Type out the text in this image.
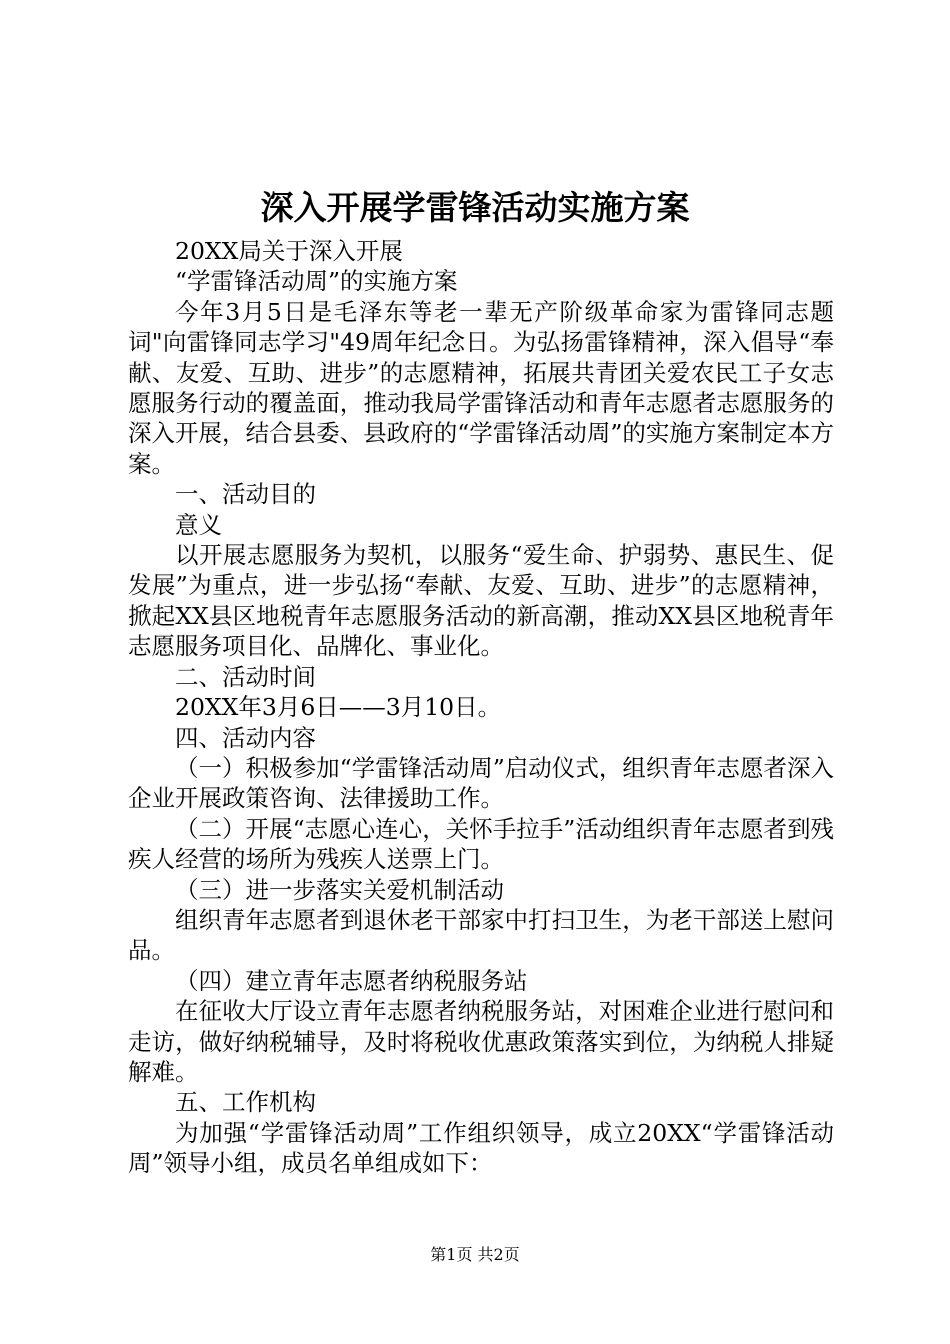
深入开展学雷锋活动实施方案

20XX局关于深入开展

“学雷锋活动周”的实施方案

今年3月5日是毛泽东等老一辈无产阶级革命家为雷锋同志题词"向雷锋同志学习"49周年纪念日。为弘扬雷锋精神，深入倡导“奉献、友爱、互助、进步”的志愿精神，拓展共青团关爱农民工子女志愿服务行动的覆盖面，推动我局学雷锋活动和青年志愿者志愿服务的深入开展，结合县委、县政府的“学雷锋活动周”的实施方案制定本方案。

一、活动目的

意义

以开展志愿服务为契机，以服务“爱生命、护弱势、惠民生、促发展”为重点，进一步弘扬“奉献、友爱、互助、进步”的志愿精神，掀起XX县区地税青年志愿服务活动的新高潮，推动XX县区地税青年志愿服务项目化、品牌化、事业化。

二、活动时间

20XX年3月6日——3月10日。

四、活动内容

（一）积极参加“学雷锋活动周”启动仪式，组织青年志愿者深入企业开展政策咨询、法律援助工作。

（二）开展“志愿心连心，关怀手拉手”活动组织青年志愿者到残疾人经营的场所为残疾人送票上门。

（三）进一步落实关爱机制活动

组织青年志愿者到退休老干部家中打扫卫生，为老干部送上慰问品。

（四）建立青年志愿者纳税服务站

在征收大厅设立青年志愿者纳税服务站，对困难企业进行慰问和走访，做好纳税辅导，及时将税收优惠政策落实到位，为纳税人排疑解难。

五、工作机构

为加强“学雷锋活动周”工作组织领导，成立20XX“学雷锋活动周”领导小组，成员名单组成如下：

第1页 共2页
